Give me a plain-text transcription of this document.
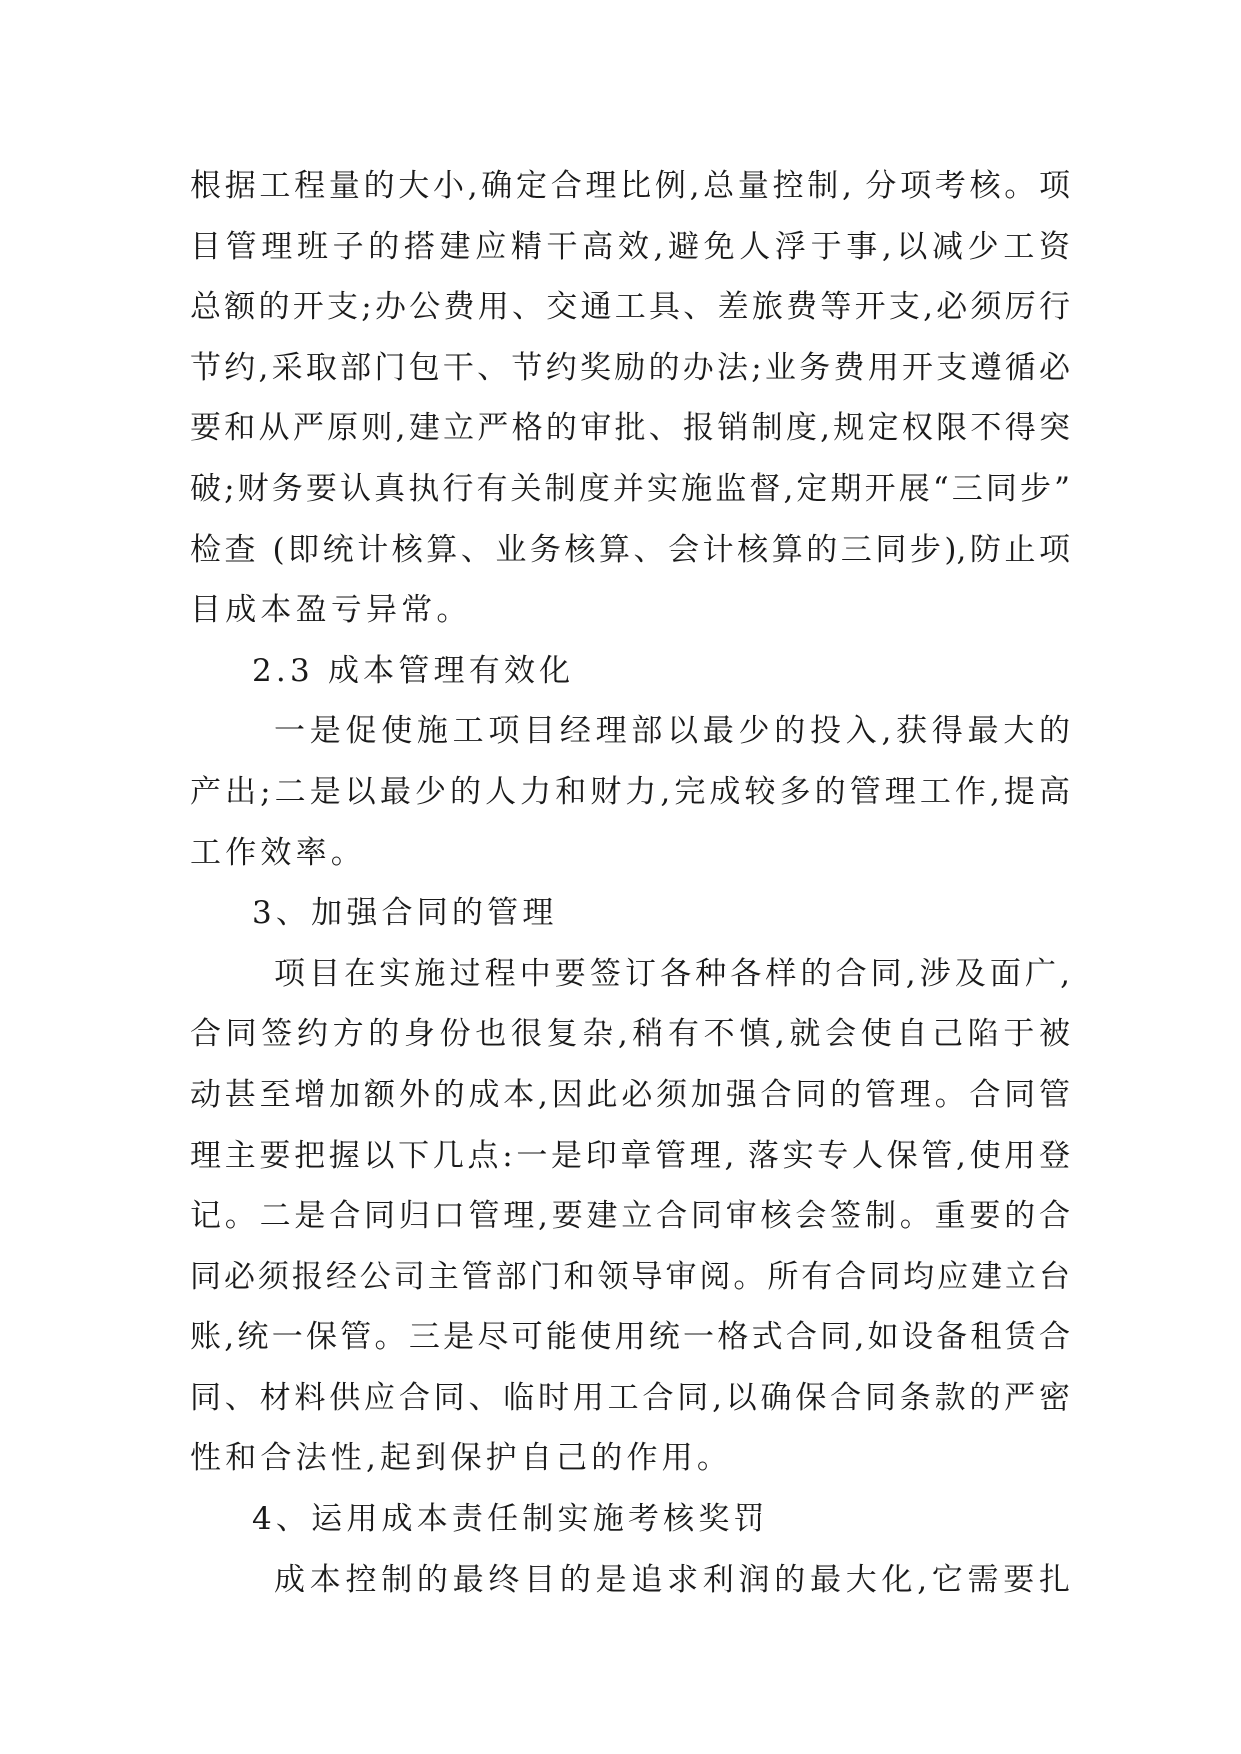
根据工程量的大小,确定合理比例,总量控制, 分项考核。项
目管理班子的搭建应精干高效,避免人浮于事,以减少工资
总额的开支;办公费用、交通工具、差旅费等开支,必须厉行
节约,采取部门包干、节约奖励的办法;业务费用开支遵循必
要和从严原则,建立严格的审批、报销制度,规定权限不得突
破;财务要认真执行有关制度并实施监督,定期开展“三同步”
检查 (即统计核算、业务核算、会计核算的三同步),防止项
目成本盈亏异常。
2.3 成本管理有效化
一是促使施工项目经理部以最少的投入,获得最大的
产出;二是以最少的人力和财力,完成较多的管理工作,提高
工作效率。
3、加强合同的管理
项目在实施过程中要签订各种各样的合同,涉及面广,
合同签约方的身份也很复杂,稍有不慎,就会使自己陷于被
动甚至增加额外的成本,因此必须加强合同的管理。合同管
理主要把握以下几点:一是印章管理, 落实专人保管,使用登
记。二是合同归口管理,要建立合同审核会签制。重要的合
同必须报经公司主管部门和领导审阅。所有合同均应建立台
账,统一保管。三是尽可能使用统一格式合同,如设备租赁合
同、材料供应合同、临时用工合同,以确保合同条款的严密
性和合法性,起到保护自己的作用。
4、运用成本责任制实施考核奖罚
成本控制的最终目的是追求利润的最大化,它需要扎
